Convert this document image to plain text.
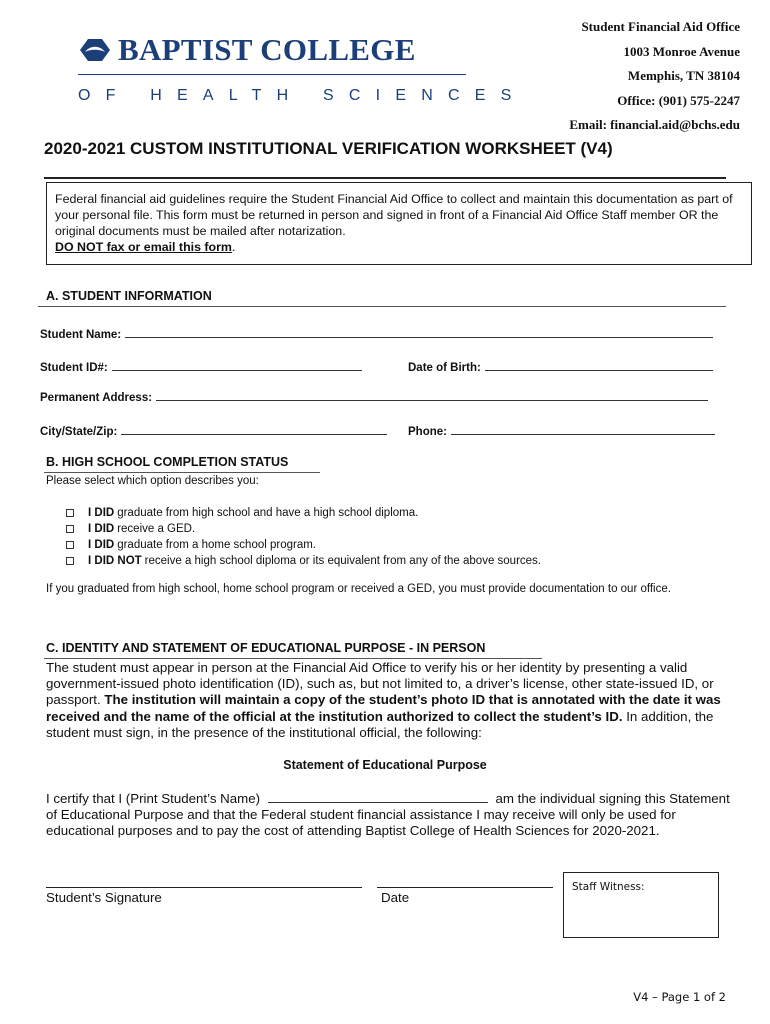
BAPTIST COLLEGE
OF HEALTH SCIENCES
Student Financial Aid Office
1003 Monroe Avenue
Memphis, TN 38104
Office: (901) 575-2247
Email: financial.aid@bchs.edu
2020-2021 CUSTOM INSTITUTIONAL VERIFICATION WORKSHEET (V4)
Federal financial aid guidelines require the Student Financial Aid Office to collect and maintain this documentation as part of your personal file. This form must be returned in person and signed in front of a Financial Aid Office Staff member OR the original documents must be mailed after notarization.
DO NOT fax or email this form.
A. STUDENT INFORMATION
Student Name:
Student ID#:	Date of Birth:
Permanent Address:
City/State/Zip:	Phone:
B. HIGH SCHOOL COMPLETION STATUS
Please select which option describes you:
I DID graduate from high school and have a high school diploma.
I DID receive a GED.
I DID graduate from a home school program.
I DID NOT receive a high school diploma or its equivalent from any of the above sources.
If you graduated from high school, home school program or received a GED, you must provide documentation to our office.
C. IDENTITY AND STATEMENT OF EDUCATIONAL PURPOSE - IN PERSON
The student must appear in person at the Financial Aid Office to verify his or her identity by presenting a valid government-issued photo identification (ID), such as, but not limited to, a driver’s license, other state-issued ID, or passport. The institution will maintain a copy of the student’s photo ID that is annotated with the date it was received and the name of the official at the institution authorized to collect the student’s ID. In addition, the student must sign, in the presence of the institutional official, the following:
Statement of Educational Purpose
I certify that I (Print Student’s Name)	am the individual signing this Statement of Educational Purpose and that the Federal student financial assistance I may receive will only be used for educational purposes and to pay the cost of attending Baptist College of Health Sciences for 2020-2021.
Student’s Signature	Date
Staff Witness:
V4 – Page 1 of 2
